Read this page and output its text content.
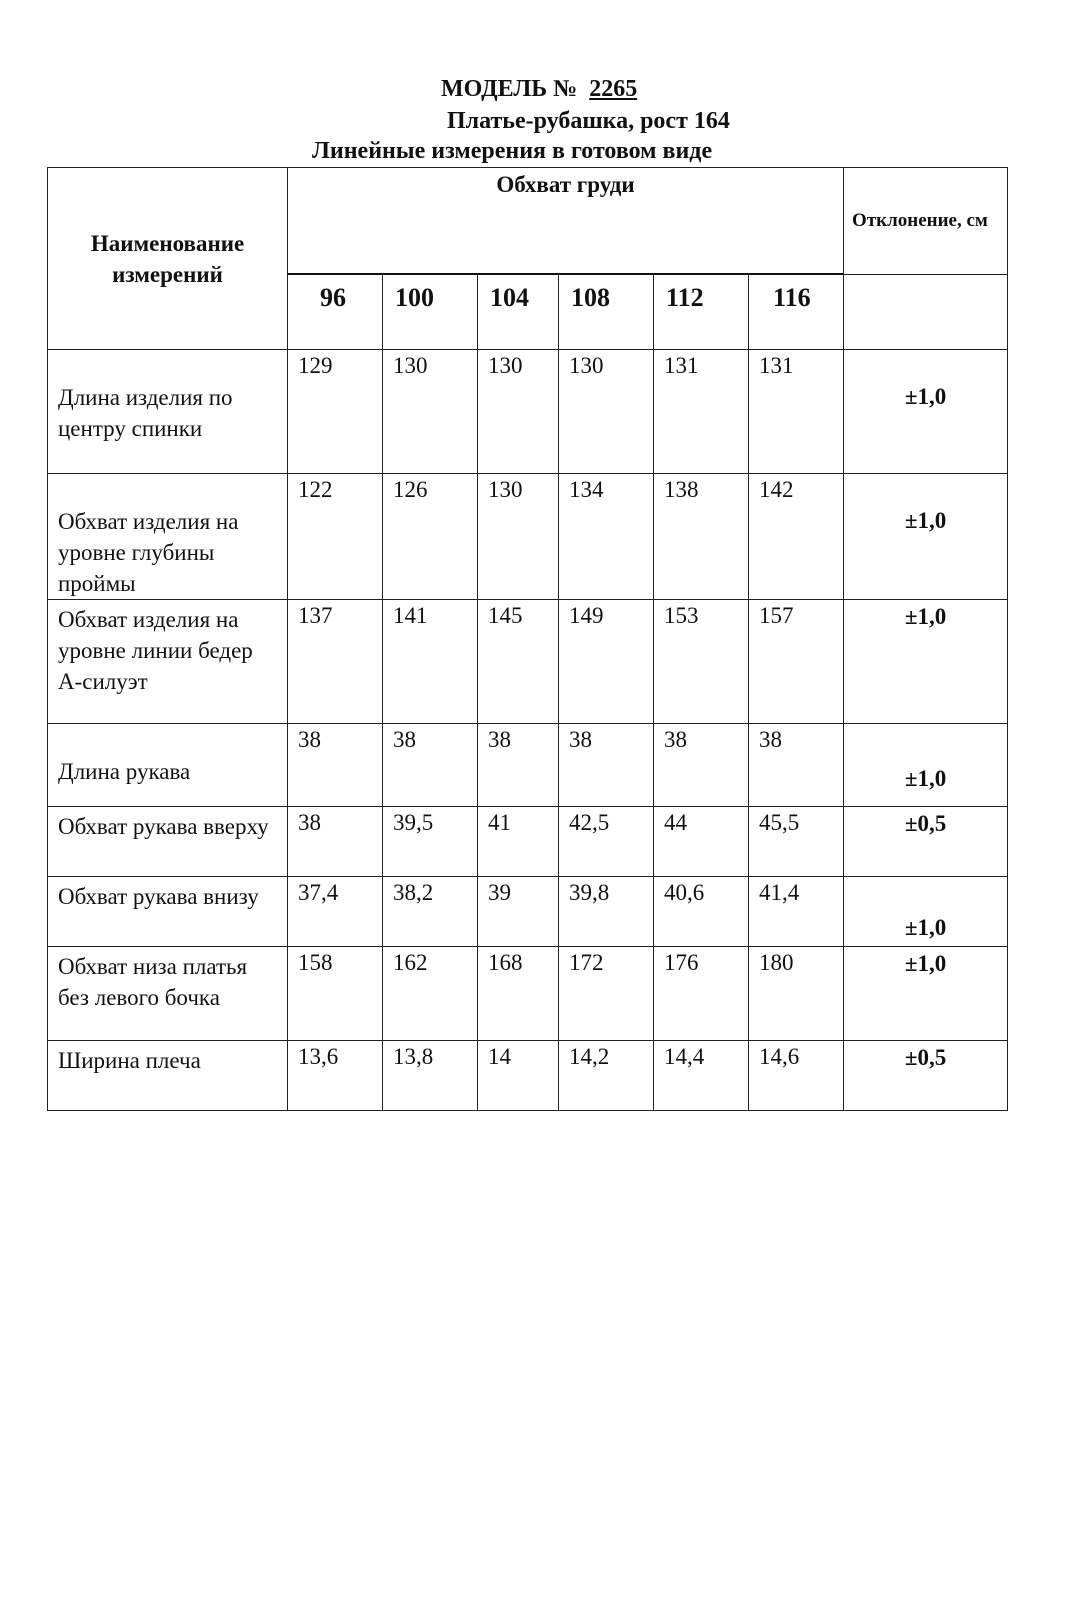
МОДЕЛЬ № 2265
Платье-рубашка, рост 164
Линейные измерения в готовом виде
Наименование измерений	Обхват груди						Отклонение, см
	96	100	104	108	112	116	
Длина изделия по центру спинки	129	130	130	130	131	131	±1,0
Обхват изделия на уровне глубины проймы	122	126	130	134	138	142	±1,0
Обхват изделия на уровне линии бедер А-силуэт	137	141	145	149	153	157	±1,0
Длина рукава	38	38	38	38	38	38	±1,0
Обхват рукава вверху	38	39,5	41	42,5	44	45,5	±0,5
Обхват рукава внизу	37,4	38,2	39	39,8	40,6	41,4	±1,0
Обхват низа платья без левого бочка	158	162	168	172	176	180	±1,0
Ширина плеча	13,6	13,8	14	14,2	14,4	14,6	±0,5
